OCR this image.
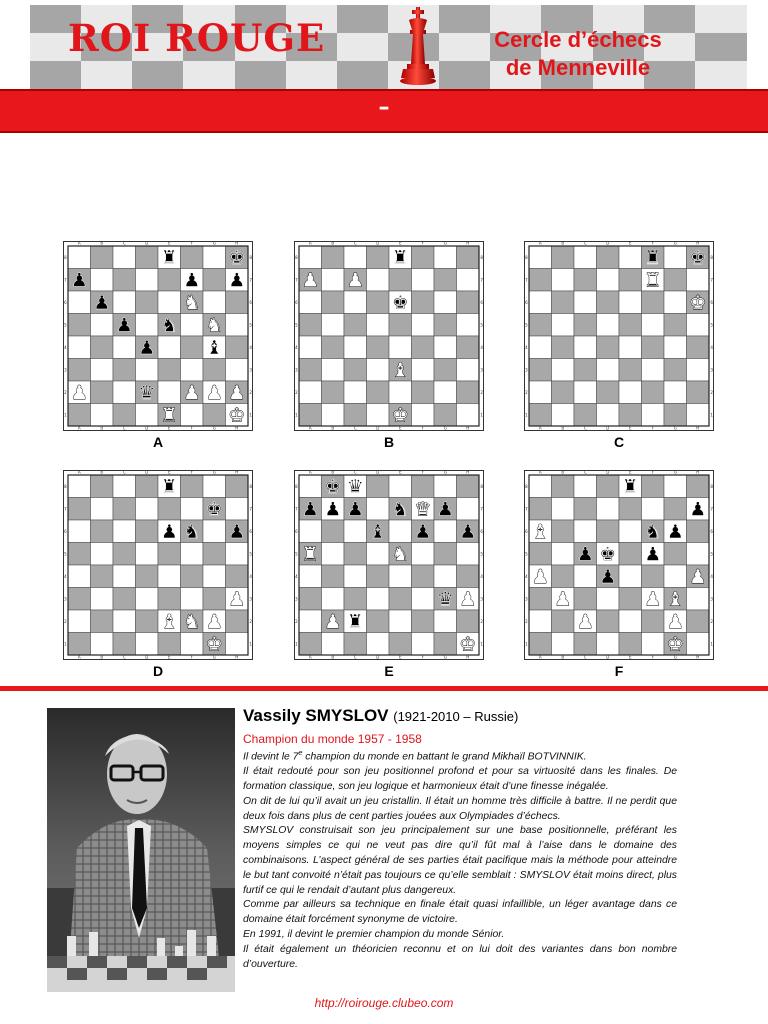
ROI ROUGE	Cercle d’échecs
de Menneville
–
A
A
B
B
C
C
D
D
E
E
F
F
G
G
H
H
8	8
7	7
6	6
5	5
4	4
3	3
2	2
1	1
♜	♚
♟	♟ ♟
♟	♞
♟ ♞ ♞
♟	♝
♟	♛ ♟ ♟ ♟
♜	♚
A
A
A
B
B
C
C
D
D
E
E
F
F
G
G
H
H
8	8
7	7
6	6
5	5
4	4
3	3
2	2
1	1
♜
♟ ♟
♚
♝
♚
B
A
A
B
B
C
C
D
D
E
E
F
F
G
G
H
H
8	8
7	7
6	6
5	5
4	4
3	3
2	2
1	1
♜ ♚
♜
♚
C
A
A
B
B
C
C
D
D
E
E
F
F
G
G
H
H
8	8
7	7
6	6
5	5
4	4
3	3
2	2
1	1
♜
♚
♟ ♞ ♟
♟
♝ ♞ ♟
♚
D
A
A
B
B
C
C
D
D
E
E
F
F
G
G
H
H
8	8
7	7
6	6
5	5
4	4
3	3
2	2
1	1
♚ ♛
♟ ♟ ♟ ♞ ♛ ♟
♝ ♟ ♟
♜	♞
♛ ♟
♟ ♜
♚
E
A
A
B
B
C
C
D
D
E
E
F
F
G
G
H
H
8	8
7	7
6	6
5	5
4	4
3	3
2	2
1	1
♜
♟
♝	♞ ♟
♟ ♚ ♟
♟	♟	♟
♟	♟ ♝
♟	♟
♚
F
Vassily SMYSLOV (1921-2010 – Russie)
Champion du monde 1957 - 1958

Il devint le 7e champion du monde en battant le grand Mikhaïl BOTVINNIK.

Il était redouté pour son jeu positionnel profond et pour sa virtuosité dans les finales. De formation classique, son jeu logique et harmonieux était d’une finesse inégalée.

On dit de lui qu’il avait un jeu cristallin. Il était un homme très difficile à battre. Il ne perdit que deux fois dans plus de cent parties jouées aux Olympiades d’échecs.

SMYSLOV construisait son jeu principalement sur une base positionnelle, préférant les moyens simples ce qui ne veut pas dire qu’il fût mal à l’aise dans le domaine des combinaisons. L’aspect général de ses parties était pacifique mais la méthode pour atteindre le but tant convoité n’était pas toujours ce qu’elle semblait : SMYSLOV était moins direct, plus furtif ce qui le rendait d’autant plus dangereux.

Comme par ailleurs sa technique en finale était quasi infaillible, un léger avantage dans ce domaine était forcément synonyme de victoire.

En 1991, il devint le premier champion du monde Sénior.

Il était également un théoricien reconnu et on lui doit des variantes dans bon nombre d’ouverture.

http://roirouge.clubeo.com
